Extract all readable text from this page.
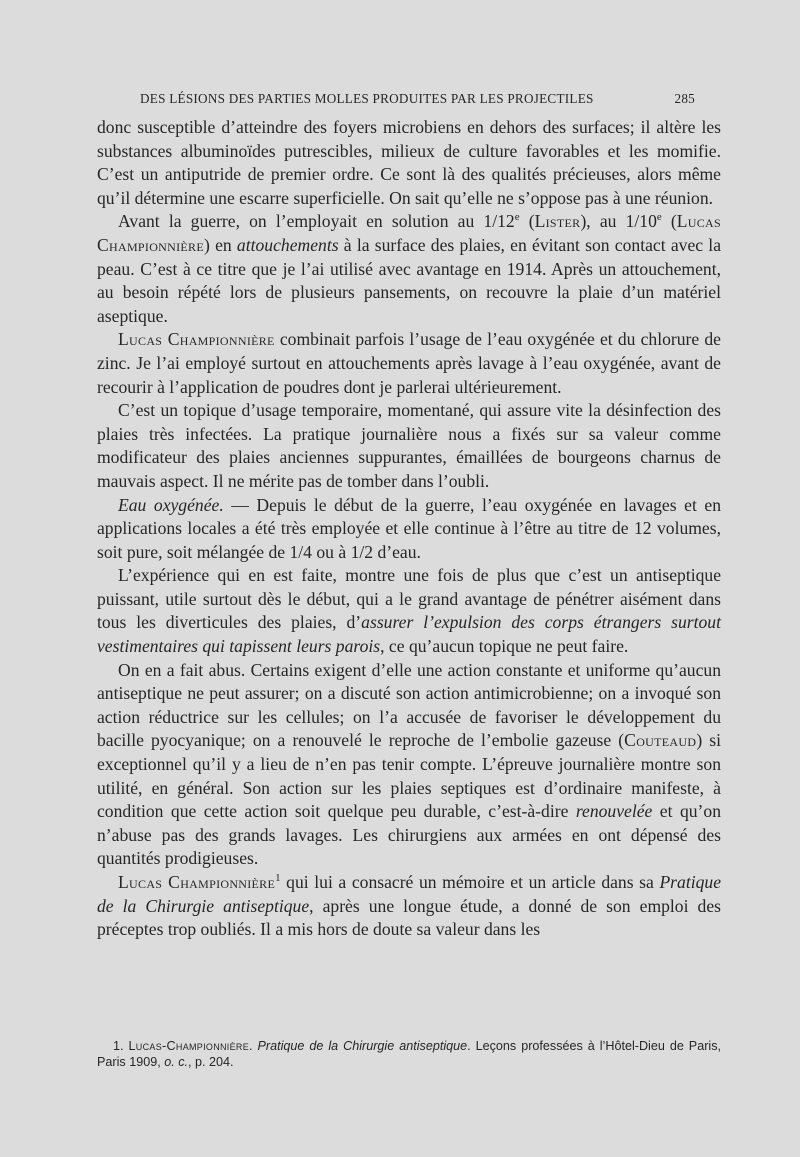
DES LÉSIONS DES PARTIES MOLLES PRODUITES PAR LES PROJECTILES	285

donc susceptible d’atteindre des foyers microbiens en dehors des surfaces; il altère les substances albuminoïdes putrescibles, milieux de culture favorables et les momifie. C’est un antiputride de premier ordre. Ce sont là des qualités précieuses, alors même qu’il détermine une escarre superficielle. On sait qu’elle ne s’oppose pas à une réunion.

Avant la guerre, on l’employait en solution au 1/12e (Lister), au 1/10e (Lucas Championnière) en attouchements à la surface des plaies, en évitant son contact avec la peau. C’est à ce titre que je l’ai utilisé avec avantage en 1914. Après un attouchement, au besoin répété lors de plusieurs pansements, on recouvre la plaie d’un matériel aseptique.

Lucas Championnière combinait parfois l’usage de l’eau oxygénée et du chlorure de zinc. Je l’ai employé surtout en attouchements après lavage à l’eau oxygénée, avant de recourir à l’application de poudres dont je parlerai ultérieurement.

C’est un topique d’usage temporaire, momentané, qui assure vite la désinfection des plaies très infectées. La pratique journalière nous a fixés sur sa valeur comme modificateur des plaies anciennes suppurantes, émaillées de bourgeons charnus de mauvais aspect. Il ne mérite pas de tomber dans l’oubli.

Eau oxygénée. — Depuis le début de la guerre, l’eau oxygénée en lavages et en applications locales a été très employée et elle continue à l’être au titre de 12 volumes, soit pure, soit mélangée de 1/4 ou à 1/2 d’eau.

L’expérience qui en est faite, montre une fois de plus que c’est un antiseptique puissant, utile surtout dès le début, qui a le grand avantage de pénétrer aisément dans tous les diverticules des plaies, d’assurer l’expulsion des corps étrangers surtout vestimentaires qui tapissent leurs parois, ce qu’aucun topique ne peut faire.

On en a fait abus. Certains exigent d’elle une action constante et uniforme qu’aucun antiseptique ne peut assurer; on a discuté son action antimicrobienne; on a invoqué son action réductrice sur les cellules; on l’a accusée de favoriser le développement du bacille pyocyanique; on a renouvelé le reproche de l’embolie gazeuse (Couteaud) si exceptionnel qu’il y a lieu de n’en pas tenir compte. L’épreuve journalière montre son utilité, en général. Son action sur les plaies septiques est d’ordinaire manifeste, à condition que cette action soit quelque peu durable, c’est-à-dire renouvelée et qu’on n’abuse pas des grands lavages. Les chirurgiens aux armées en ont dépensé des quantités prodigieuses.

Lucas Championnière$^1$ qui lui a consacré un mémoire et un article dans sa Pratique de la Chirurgie antiseptique, après une longue étude, a donné de son emploi des préceptes trop oubliés. Il a mis hors de doute sa valeur dans les

1. Lucas-Championnière. Pratique de la Chirurgie antiseptique. Leçons professées à l’Hôtel-Dieu de Paris, Paris 1909, o. c., p. 204.
